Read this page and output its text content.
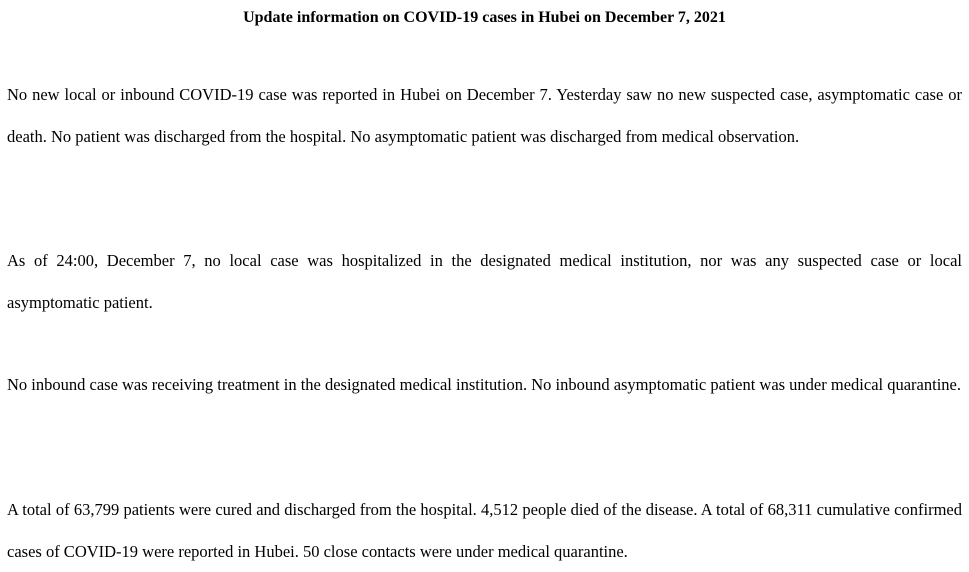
Update information on COVID-19 cases in Hubei on December 7, 2021

No new local or inbound COVID-19 case was reported in Hubei on December 7. Yesterday saw no new suspected case, asymptomatic case or death. No patient was discharged from the hospital. No asymptomatic patient was discharged from medical observation.

As of 24:00, December 7, no local case was hospitalized in the designated medical institution, nor was any suspected case or local asymptomatic patient.

No inbound case was receiving treatment in the designated medical institution. No inbound asymptomatic patient was under medical quarantine.

A total of 63,799 patients were cured and discharged from the hospital. 4,512 people died of the disease. A total of 68,311 cumulative confirmed cases of COVID-19 were reported in Hubei. 50 close contacts were under medical quarantine.
